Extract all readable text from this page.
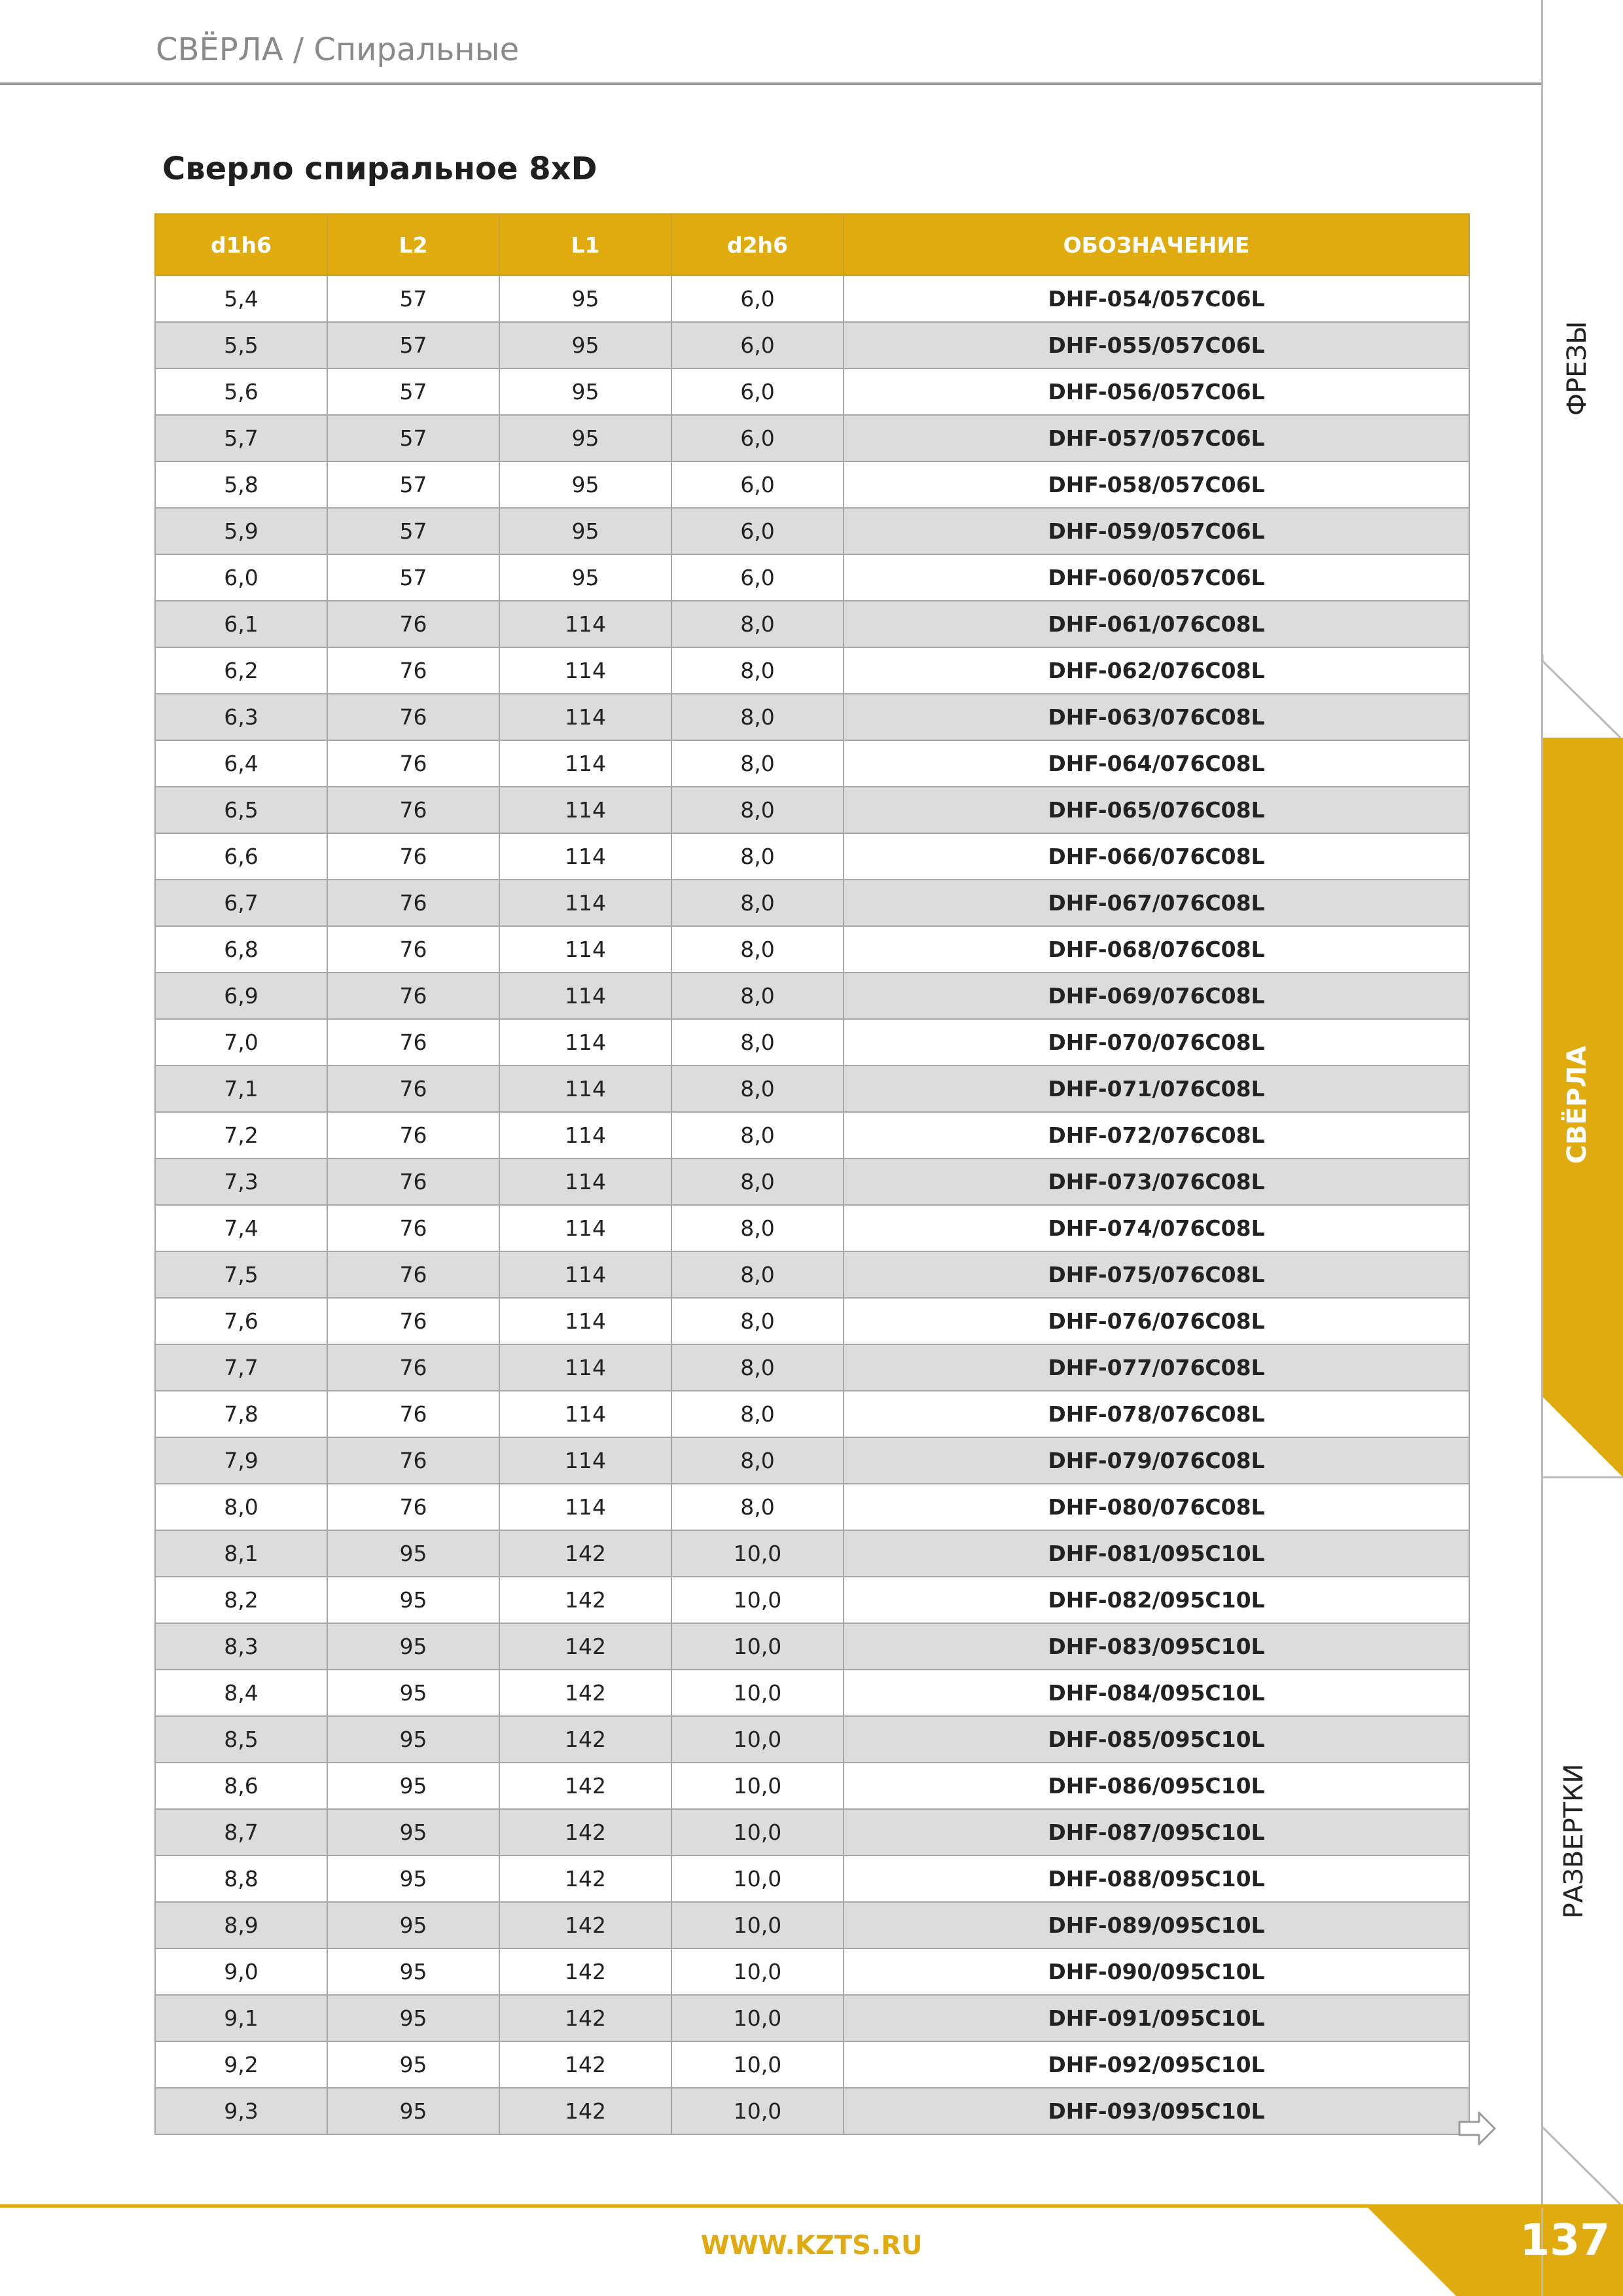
СВЁРЛА / Спиральные
Сверло спиральное 8xD
d1h6	L2	L1	d2h6	ОБОЗНАЧЕНИЕ
5,4	57	95	6,0	DHF-054/057C06L
5,5	57	95	6,0	DHF-055/057C06L
5,6	57	95	6,0	DHF-056/057C06L
5,7	57	95	6,0	DHF-057/057C06L
5,8	57	95	6,0	DHF-058/057C06L
5,9	57	95	6,0	DHF-059/057C06L
6,0	57	95	6,0	DHF-060/057C06L
6,1	76	114	8,0	DHF-061/076C08L
6,2	76	114	8,0	DHF-062/076C08L
6,3	76	114	8,0	DHF-063/076C08L
6,4	76	114	8,0	DHF-064/076C08L
6,5	76	114	8,0	DHF-065/076C08L
6,6	76	114	8,0	DHF-066/076C08L
6,7	76	114	8,0	DHF-067/076C08L
6,8	76	114	8,0	DHF-068/076C08L
6,9	76	114	8,0	DHF-069/076C08L
7,0	76	114	8,0	DHF-070/076C08L
7,1	76	114	8,0	DHF-071/076C08L
7,2	76	114	8,0	DHF-072/076C08L
7,3	76	114	8,0	DHF-073/076C08L
7,4	76	114	8,0	DHF-074/076C08L
7,5	76	114	8,0	DHF-075/076C08L
7,6	76	114	8,0	DHF-076/076C08L
7,7	76	114	8,0	DHF-077/076C08L
7,8	76	114	8,0	DHF-078/076C08L
7,9	76	114	8,0	DHF-079/076C08L
8,0	76	114	8,0	DHF-080/076C08L
8,1	95	142	10,0	DHF-081/095C10L
8,2	95	142	10,0	DHF-082/095C10L
8,3	95	142	10,0	DHF-083/095C10L
8,4	95	142	10,0	DHF-084/095C10L
8,5	95	142	10,0	DHF-085/095C10L
8,6	95	142	10,0	DHF-086/095C10L
8,7	95	142	10,0	DHF-087/095C10L
8,8	95	142	10,0	DHF-088/095C10L
8,9	95	142	10,0	DHF-089/095C10L
9,0	95	142	10,0	DHF-090/095C10L
9,1	95	142	10,0	DHF-091/095C10L
9,2	95	142	10,0	DHF-092/095C10L
9,3	95	142	10,0	DHF-093/095C10L
ФРЕЗЫ
СВЁРЛА
РАЗВЕРТКИ
WWW.KZTS.RU	137
